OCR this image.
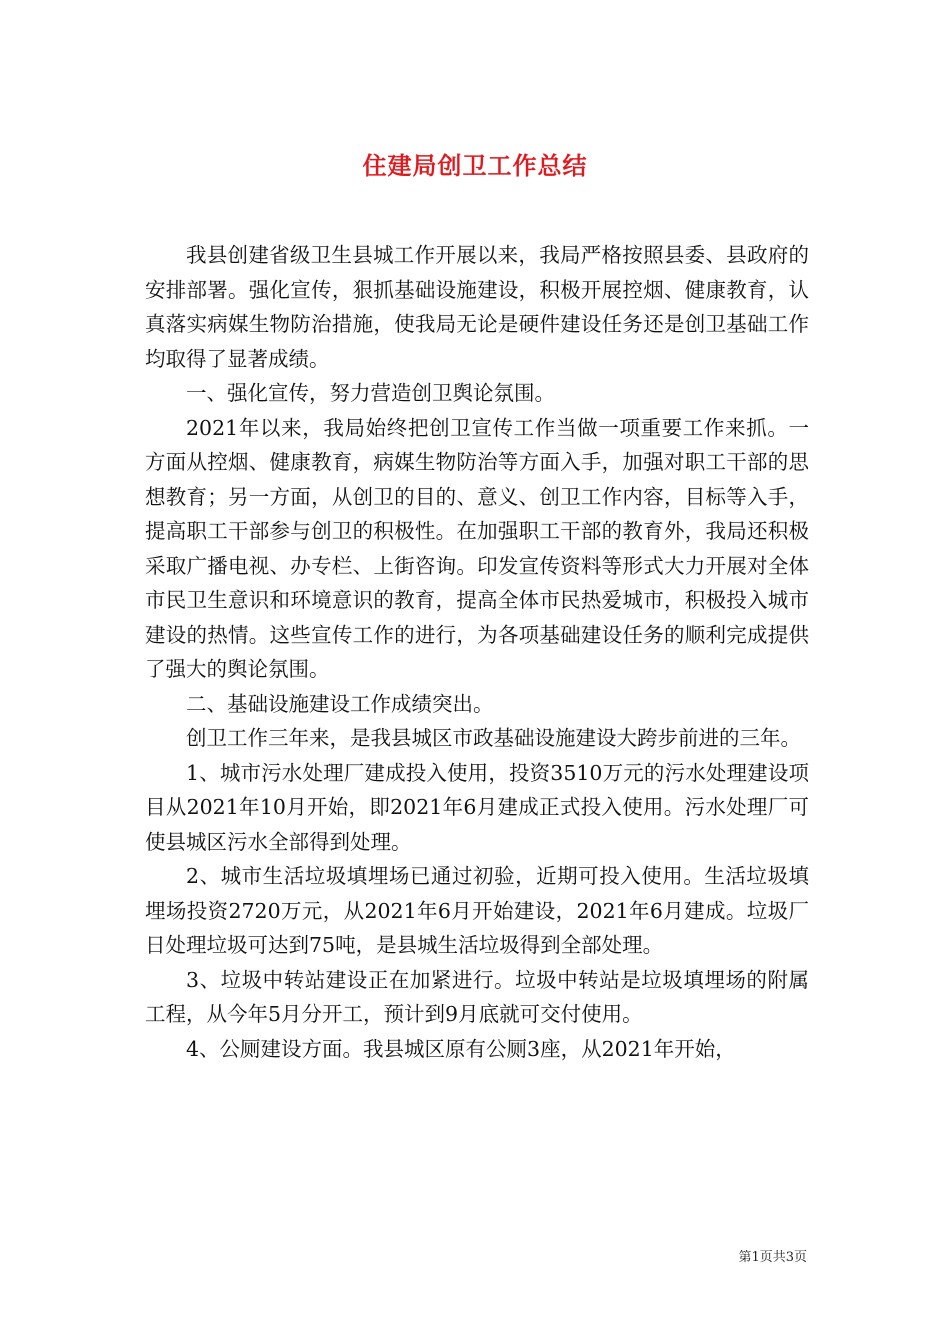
住建局创卫工作总结

我县创建省级卫生县城工作开展以来，我局严格按照县委、县政府的安排部署。强化宣传，狠抓基础设施建设，积极开展控烟、健康教育，认真落实病媒生物防治措施，使我局无论是硬件建设任务还是创卫基础工作均取得了显著成绩。

一、强化宣传，努力营造创卫舆论氛围。

2021年以来，我局始终把创卫宣传工作当做一项重要工作来抓。一方面从控烟、健康教育，病媒生物防治等方面入手，加强对职工干部的思想教育；另一方面，从创卫的目的、意义、创卫工作内容，目标等入手，提高职工干部参与创卫的积极性。在加强职工干部的教育外，我局还积极采取广播电视、办专栏、上街咨询。印发宣传资料等形式大力开展对全体市民卫生意识和环境意识的教育，提高全体市民热爱城市，积极投入城市建设的热情。这些宣传工作的进行，为各项基础建设任务的顺利完成提供了强大的舆论氛围。

二、基础设施建设工作成绩突出。

创卫工作三年来，是我县城区市政基础设施建设大跨步前进的三年。

1、城市污水处理厂建成投入使用，投资3510万元的污水处理建设项目从2021年10月开始，即2021年6月建成正式投入使用。污水处理厂可使县城区污水全部得到处理。

2、城市生活垃圾填埋场已通过初验，近期可投入使用。生活垃圾填埋场投资2720万元，从2021年6月开始建设，2021年6月建成。垃圾厂日处理垃圾可达到75吨，是县城生活垃圾得到全部处理。

3、垃圾中转站建设正在加紧进行。垃圾中转站是垃圾填埋场的附属工程，从今年5月分开工，预计到9月底就可交付使用。

4、公厕建设方面。我县城区原有公厕3座，从2021年开始，

第1页共3页
